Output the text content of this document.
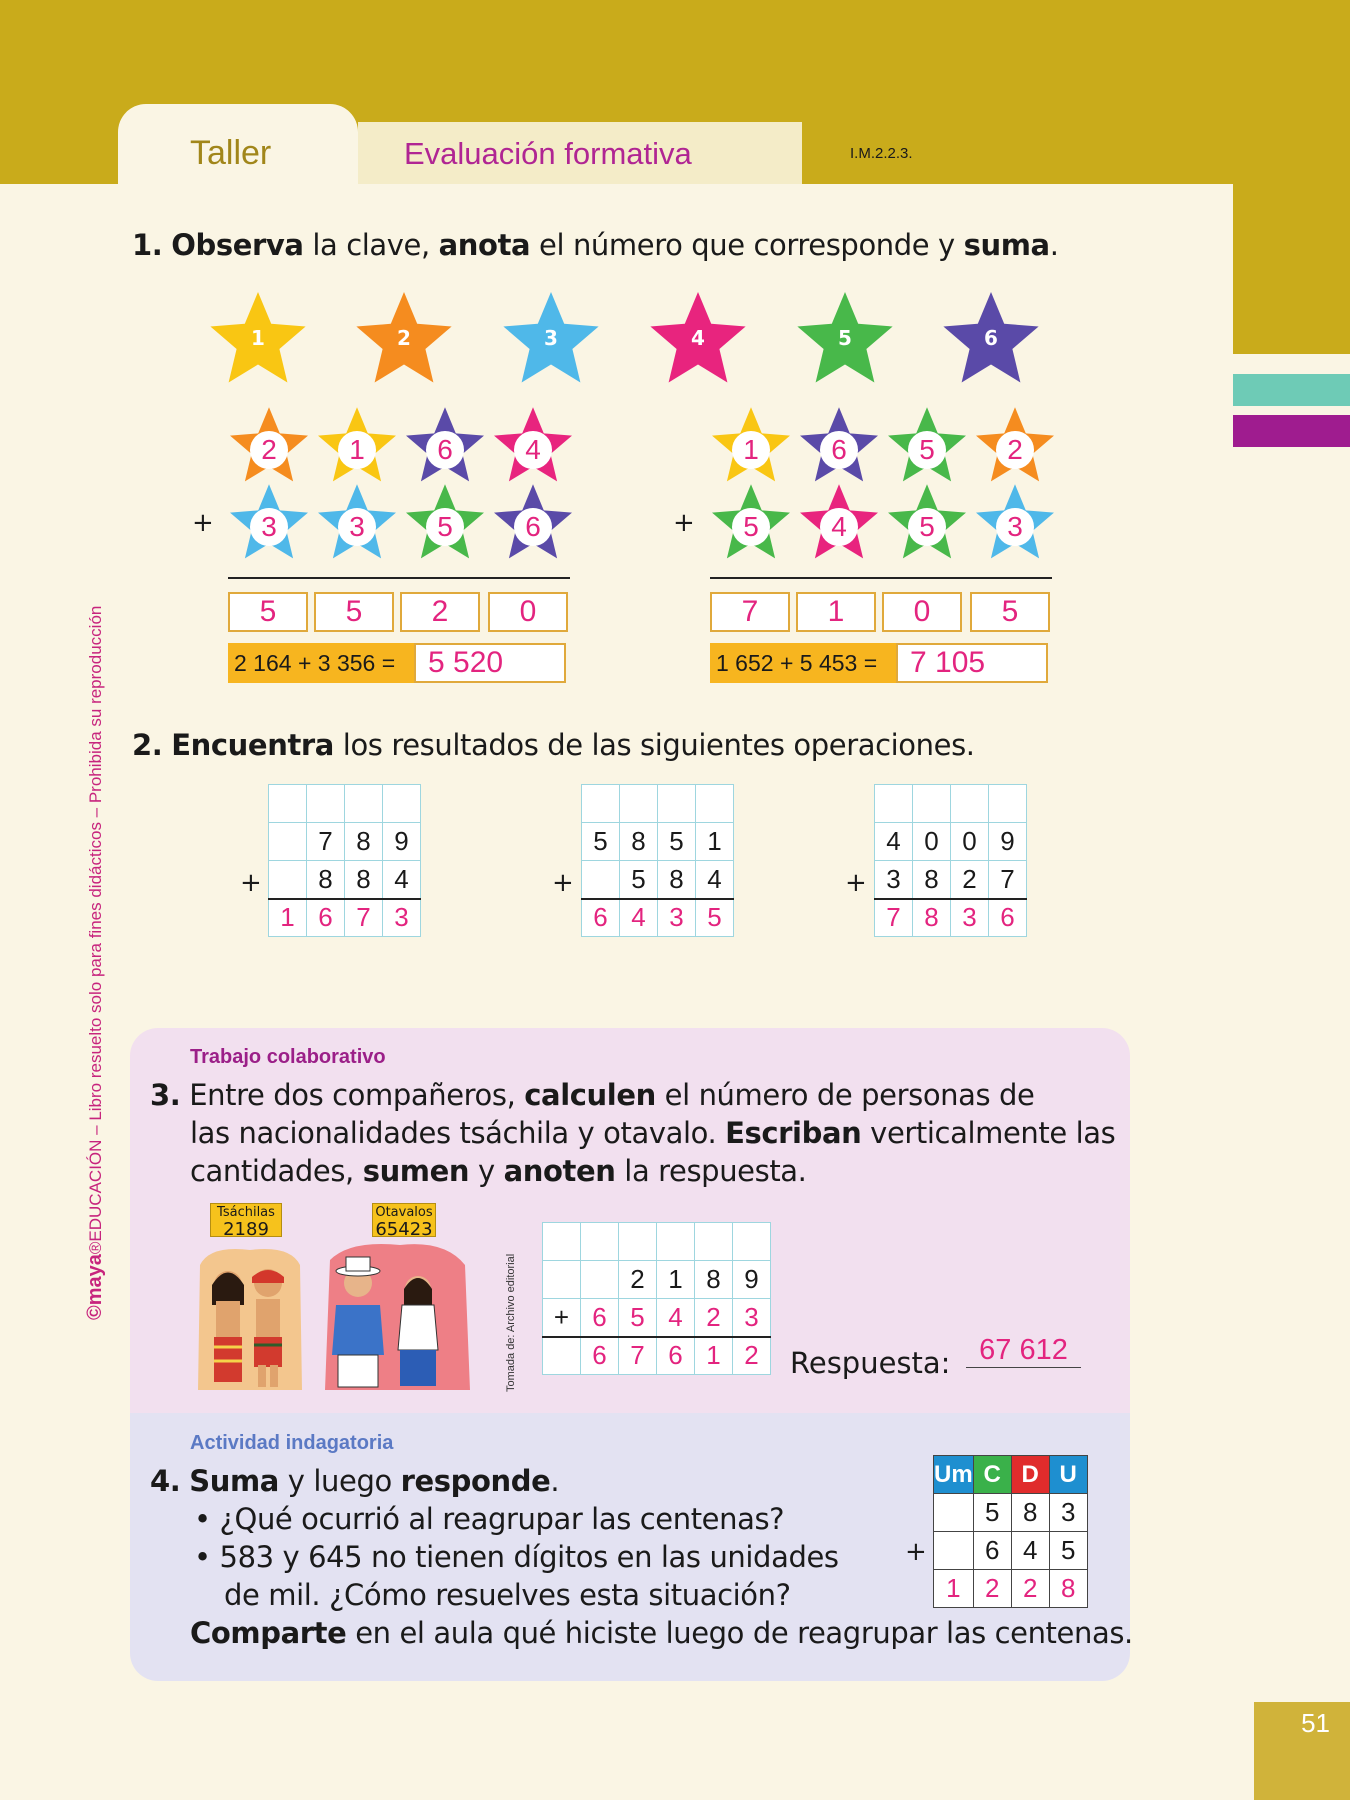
Taller	Evaluación formativa	I.M.2.2.3.
©maya®EDUCACIÓN – Libro resuelto solo para fines didácticos – Prohibida su reproducción
1. Observa la clave, anota el número que corresponde y suma.
1	2	3	4	5	6
2	1	6	4
3	3	5	6
1	6	5	2
5	4	5	3
+	+
5	5	2	0	7	1	0	5
2 164 + 3 356 =	5 520	1 652 + 5 453 =	7 105
2. Encuentra los resultados de las siguientes operaciones.
+

	7	8	9
	8	8	4
1	6	7	3
+

5	8	5	1
	5	8	4
6	4	3	5
+

4	0	0	9
3	8	2	7
7	8	3	6
Trabajo colaborativo
3. Entre dos compañeros, calculen el número de personas de
las nacionalidades tsáchila y otavalo. Escriban verticalmente las
cantidades, sumen y anoten la respuesta.
Tsáchilas
2189
Otavalos
65423
Tomada de: Archivo editorial

			2	1	8	9
+	6	5	4	2	3
	6	7	6	1	2 Respuesta: 67 612
Actividad indagatoria
4. Suma y luego responde.
• ¿Qué ocurrió al reagrupar las centenas?
• 583 y 645 no tienen dígitos en las unidades
de mil. ¿Cómo resuelves esta situación?
Comparte en el aula qué hiciste luego de reagrupar las centenas.
+
Um	C	D	U
	5	8	3
	6	4	5
1	2	2	8
51
